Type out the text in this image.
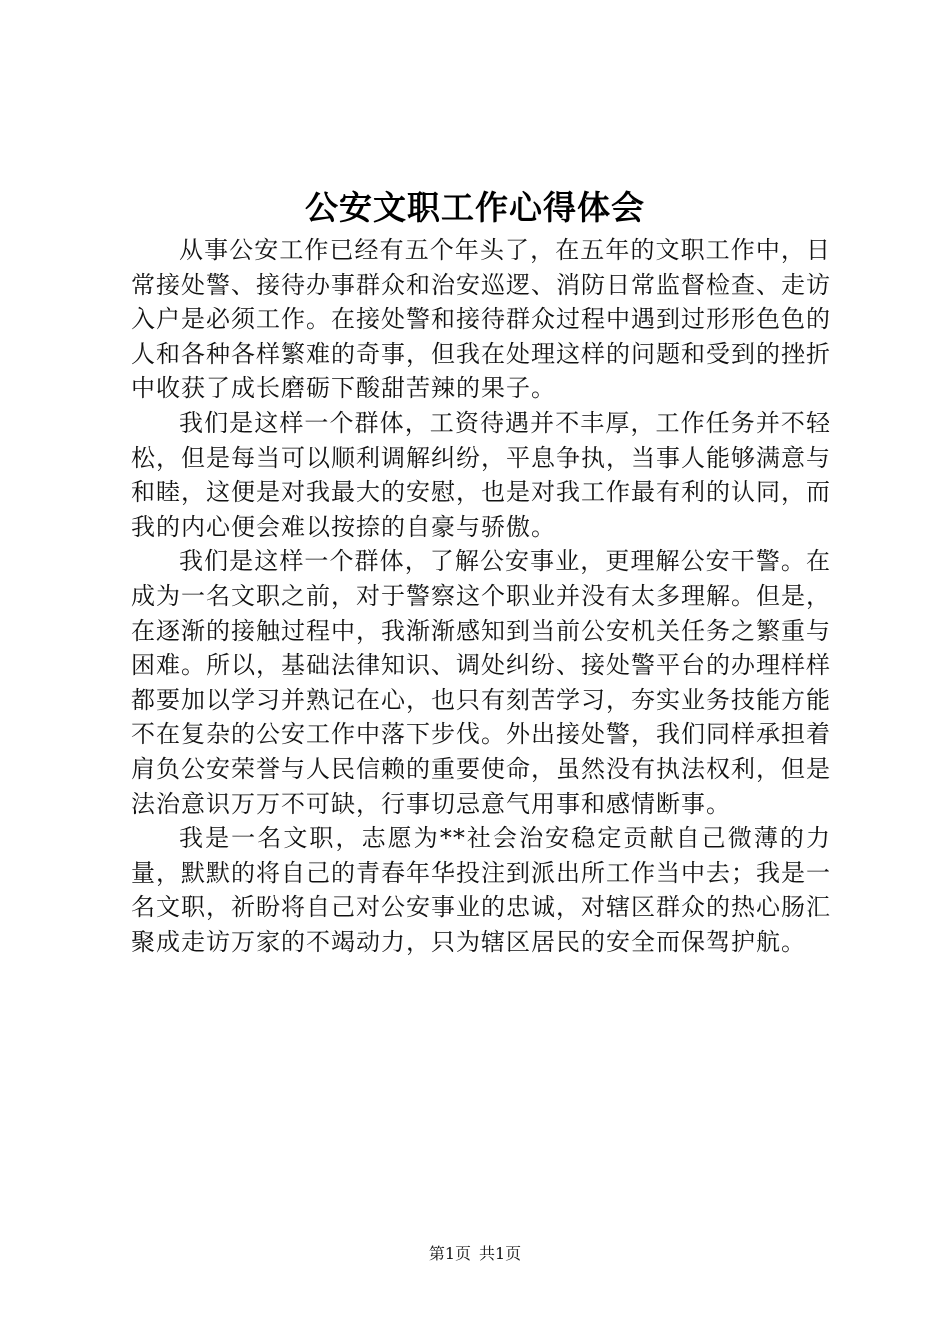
公安文职工作心得体会

从事公安工作已经有五个年头了，在五年的文职工作中，日常接处警、接待办事群众和治安巡逻、消防日常监督检查、走访入户是必须工作。在接处警和接待群众过程中遇到过形形色色的人和各种各样繁难的奇事，但我在处理这样的问题和受到的挫折中收获了成长磨砺下酸甜苦辣的果子。

我们是这样一个群体，工资待遇并不丰厚，工作任务并不轻松，但是每当可以顺利调解纠纷，平息争执，当事人能够满意与和睦，这便是对我最大的安慰，也是对我工作最有利的认同，而我的内心便会难以按捺的自豪与骄傲。

我们是这样一个群体，了解公安事业，更理解公安干警。在成为一名文职之前，对于警察这个职业并没有太多理解。但是，在逐渐的接触过程中，我渐渐感知到当前公安机关任务之繁重与困难。所以，基础法律知识、调处纠纷、接处警平台的办理样样都要加以学习并熟记在心，也只有刻苦学习，夯实业务技能方能不在复杂的公安工作中落下步伐。外出接处警，我们同样承担着肩负公安荣誉与人民信赖的重要使命，虽然没有执法权利，但是法治意识万万不可缺，行事切忌意气用事和感情断事。

我是一名文职，志愿为**社会治安稳定贡献自己微薄的力量，默默的将自己的青春年华投注到派出所工作当中去；我是一名文职，祈盼将自己对公安事业的忠诚，对辖区群众的热心肠汇聚成走访万家的不竭动力，只为辖区居民的安全而保驾护航。

第1页 共1页
